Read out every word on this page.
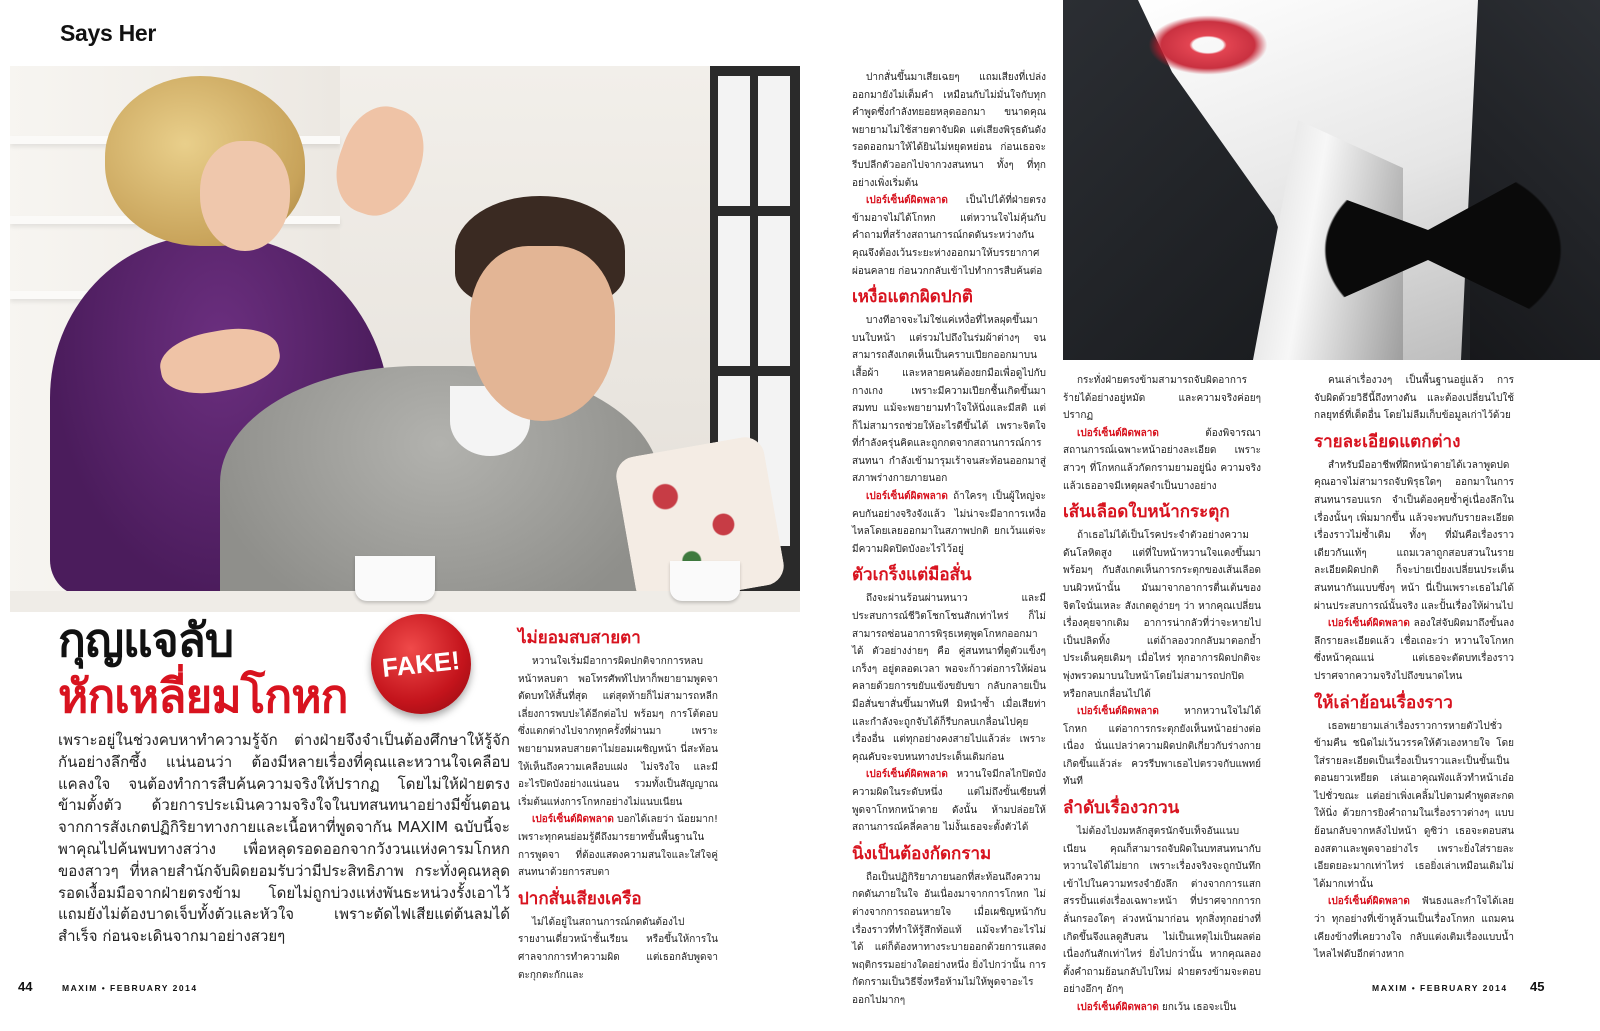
Says Her
กุญแจลับ
หักเหลี่ยมโกหก
FAKE!
เพราะอยู่ในช่วงคบหาทำความรู้จัก ต่างฝ่ายจึงจำเป็นต้องศึกษาให้รู้จักกันอย่างลึกซึ้ง แน่นอนว่า ต้องมีหลายเรื่องที่คุณและหวานใจเคลือบแคลงใจ จนต้องทำการสืบค้นความจริงให้ปรากฏ โดยไม่ให้ฝ่ายตรงข้ามตั้งตัว ด้วยการประเมินความจริงใจในบทสนทนาอย่างมีขั้นตอน จากการสังเกตปฏิกิริยาทางกายและเนื้อหาที่พูดจากัน MAXIM ฉบับนี้จะพาคุณไปค้นพบทางสว่าง เพื่อหลุดรอดออกจากวังวนแห่งคารมโกหกของสาวๆ ที่หลายสำนักจับผิดยอมรับว่ามีประสิทธิภาพ กระทั่งคุณหลุดรอดเงื้อมมือจากฝ่ายตรงข้าม โดยไม่ถูกบ่วงแห่งพันธะหน่วงรั้งเอาไว้ แถมยังไม่ต้องบาดเจ็บทั้งตัวและหัวใจ เพราะตัดไฟเสียแต่ต้นลมได้สำเร็จ ก่อนจะเดินจากมาอย่างสวยๆ
ไม่ยอมสบสายตา

หวานใจเริ่มมีอาการผิดปกติจากการหลบหน้าหลบตา พอโทรศัพท์ไปหาก็พยายามพูดจาตัดบทให้สั้นที่สุด แต่สุดท้ายก็ไม่สามารถหลีกเลี่ยงการพบปะได้อีกต่อไป พร้อมๆ การโต้ตอบซึ่งแตกต่างไปจากทุกครั้งที่ผ่านมา เพราะพยายามหลบสายตาไม่ยอมเผชิญหน้า นี่สะท้อนให้เห็นถึงความเคลือบแฝง ไม่จริงใจ และมีอะไรปิดบังอย่างแน่นอน รวมทั้งเป็นสัญญาณเริ่มต้นแห่งการโกหกอย่างไม่แนบเนียน

เปอร์เซ็นต์ผิดพลาด บอกได้เลยว่า น้อยมาก! เพราะทุกคนย่อมรู้ดีถึงมารยาทขั้นพื้นฐานในการพูดจา ที่ต้องแสดงความสนใจและใส่ใจคู่สนทนาด้วยการสบตา

ปากสั่นเสียงเครือ

ไม่ได้อยู่ในสถานการณ์กดดันต้องไปรายงานเดี่ยวหน้าชั้นเรียน หรือขึ้นให้การในศาลจากการทำความผิด แต่เธอกลับพูดจาตะกุกตะกักและ

ปากสั่นขึ้นมาเสียเฉยๆ แถมเสียงที่เปล่งออกมายังไม่เต็มคำ เหมือนกับไม่มั่นใจกับทุกคำพูดซึ่งกำลังทยอยหลุดออกมา ขนาดคุณพยายามไม่ใช้สายตาจับผิด แต่เสียงพิรุธดันดังรอดออกมาให้ได้ยินไม่หยุดหย่อน ก่อนเธอจะรีบปลีกตัวออกไปจากวงสนทนา ทั้งๆ ที่ทุกอย่างเพิ่งเริ่มต้น

เปอร์เซ็นต์ผิดพลาด เป็นไปได้ที่ฝ่ายตรงข้ามอาจไม่ได้โกหก แต่หวานใจไม่คุ้นกับคำถามที่สร้างสถานการณ์กดดันระหว่างกัน คุณจึงต้องเว้นระยะห่างออกมาให้บรรยากาศผ่อนคลาย ก่อนวกกลับเข้าไปทำการสืบค้นต่อ

เหงื่อแตกผิดปกติ

บางทีอาจจะไม่ใช่แค่เหงื่อที่ไหลผุดขึ้นมาบนใบหน้า แต่รวมไปถึงในร่มผ้าต่างๆ จนสามารถสังเกตเห็นเป็นคราบเปียกออกมาบนเสื้อผ้า และหลายคนต้องยกมือเพื่อดูไปกับกางเกง เพราะมีความเปียกชื้นเกิดขึ้นมาสมทบ แม้จะพยายามทำใจให้นิ่งและมีสติ แต่ก็ไม่สามารถช่วยให้อะไรดีขึ้นได้ เพราะจิตใจที่กำลังครุ่นคิดและถูกกดจากสถานการณ์การสนทนา กำลังเข้ามารุมเร้าจนสะท้อนออกมาสู่สภาพร่างกายภายนอก

เปอร์เซ็นต์ผิดพลาด ถ้าใครๆ เป็นผู้ใหญ่จะคบกันอย่างจริงจังแล้ว ไม่น่าจะมีอาการเหงื่อไหลโดยเลยออกมาในสภาพปกติ ยกเว้นแต่จะมีความผิดปิดบังอะไรไว้อยู่

ตัวเกร็งแต่มือสั่น

ถึงจะผ่านร้อนผ่านหนาว และมีประสบการณ์ชีวิตโชกโชนสักเท่าไหร่ ก็ไม่สามารถซ่อนอาการพิรุธเหตุพูดโกหกออกมาได้ ตัวอย่างง่ายๆ คือ คู่สนทนาที่ดูตัวแข็งๆ เกร็งๆ อยู่ตลอดเวลา พอจะก้าวต่อการให้ผ่อนคลายด้วยการขยับแข้งขยับขา กลับกลายเป็นมือสั่นขาสั่นขึ้นมาทันที มิหนำซ้ำ เมื่อเสียท่าและกำลังจะถูกจับได้ก็รีบกลบเกลื่อนไปคุยเรื่องอื่น แต่ทุกอย่างคงสายไปแล้วล่ะ เพราะคุณคับจะจบหนทางประเด็นเดิมก่อน

เปอร์เซ็นต์ผิดพลาด หวานใจมีกลไกปิดบังความผิดในระดับหนึ่ง แต่ไม่ถึงขั้นเซียนที่พูดจาโกหกหน้าตาย ดังนั้น ห้ามปล่อยให้สถานการณ์คลี่คลาย ไม่งั้นเธอจะตั้งตัวได้

นิ่งเป็นต้องกัดกราม

ถือเป็นปฏิกิริยาภายนอกที่สะท้อนถึงความกดดันภายในใจ อันเนื่องมาจากการโกหก ไม่ต่างจากการถอนหายใจ เมื่อเผชิญหน้ากับเรื่องราวที่ทำให้รู้สึกท้อแท้ แม้จะทำอะไรไม่ได้ แต่ก็ต้องหาทางระบายออกด้วยการแสดงพฤติกรรมอย่างใดอย่างหนึ่ง ยิ่งไปกว่านั้น การกัดกรามเป็นวิธีจึ่งหรือห้ามไม่ให้พูดจาอะไรออกไปมากๆ

กระทั่งฝ่ายตรงข้ามสามารถจับผิดอาการร้ายได้อย่างอยู่หมัด และความจริงค่อยๆ ปรากฏ

เปอร์เซ็นต์ผิดพลาด ต้องพิจารณาสถานการณ์เฉพาะหน้าอย่างละเอียด เพราะสาวๆ ที่โกหกแล้วกัดกรามยามอยู่นิ่ง ความจริงแล้วเธออาจมีเหตุผลจำเป็นบางอย่าง

เส้นเลือดใบหน้ากระตุก

ถ้าเธอไม่ได้เป็นโรคประจำตัวอย่างความดันโลหิตสูง แต่ที่ใบหน้าหวานใจแดงขึ้นมา พร้อมๆ กับสังเกตเห็นการกระตุกของเส้นเลือดบนผิวหน้านั้น มันมาจากอาการตื่นเต้นของจิตใจนั่นเหละ สังเกตดูง่ายๆ ว่า หากคุณเปลี่ยนเรื่องคุยจากเดิม อาการน่ากลัวที่ว่าจะหายไปเป็นปลิดทิ้ง แต่ถ้าลองวกกลับมาตอกย้ำประเด็นคุยเดิมๆ เมื่อไหร่ ทุกอาการผิดปกติจะพุ่งพรวดมาบนใบหน้าโดยไม่สามารถปกปิดหรือกลบเกลื่อนไปได้

เปอร์เซ็นต์ผิดพลาด หากหวานใจไม่ได้โกหก แต่อาการกระตุกยังเห็นหน้าอย่างต่อเนื่อง นั่นแปลว่าความผิดปกติเกี่ยวกับร่างกายเกิดขึ้นแล้วล่ะ ควรรีบพาเธอไปตรวจกับแพทย์ทันที

ลำดับเรื่องวกวน

ไม่ต้องไปงมหลักสูตรนักจับเท็จอันแนบเนียน คุณก็สามารถจับผิดในบทสนทนากับหวานใจได้ไม่ยาก เพราะเรื่องจริงจะถูกบันทึกเข้าไปในความทรงจำยังลึก ต่างจากการแสกสรรปั้นแต่งเรื่องเฉพาะหน้า ที่ปราศจากการกลั่นกรองใดๆ ล่วงหน้ามาก่อน ทุกสิ่งทุกอย่างที่เกิดขึ้นจึงแลดูสับสน ไม่เป็นเหตุไม่เป็นผลต่อเนื่องกันสักเท่าไหร่ ยิ่งไปกว่านั้น หากคุณลองตั้งคำถามย้อนกลับไปใหม่ ฝ่ายตรงข้ามจะตอบอย่างอึกๆ อักๆ

เปอร์เซ็นต์ผิดพลาด ยกเว้น เธอจะเป็น

คนเล่าเรื่องวงๆ เป็นพื้นฐานอยู่แล้ว การจับผิดด้วยวิธีนี้ถึงทางตัน และต้องเปลี่ยนไปใช้กลยุทธ์ที่เด็ดอื่น โดยไม่ลืมเก็บข้อมูลเก่าไว้ด้วย

รายละเอียดแตกต่าง

สำหรับมืออาชีพที่ฝึกหน้าตายได้เวลาพูดปด คุณอาจไม่สามารถจับพิรุธใดๆ ออกมาในการสนทนารอบแรก จำเป็นต้องคุยซ้ำคู่เนื่องลึกในเรื่องนั้นๆ เพิ่มมากขึ้น แล้วจะพบกับรายละเอียดเรื่องราวไม่ซ้ำเดิม ทั้งๆ ที่มันคือเรื่องราวเดียวกันแท้ๆ แถมเวลาถูกสอบสวนในรายละเอียดผิดปกติ ก็จะบ่ายเบี่ยงเปลี่ยนประเด็นสนทนากันแบบซึ่งๆ หน้า นี่เป็นเพราะเธอไม่ได้ผ่านประสบการณ์นั้นจริง และปั้นเรื่องให้ผ่านไป

เปอร์เซ็นต์ผิดพลาด ลองใส่จับผิดมาถึงขั้นลงลึกรายละเอียดแล้ว เชื่อเถอะว่า หวานใจโกหกซึ่งหน้าคุณแน่ แต่เธอจะตัดบทเรื่องราวปราศจากความจริงไปถึงขนาดไหน

ให้เล่าย้อนเรื่องราว

เธอพยายามเล่าเรื่องราวการหายตัวไปชั่วข้ามคืน ชนิดไม่เว้นวรรคให้ตัวเองหายใจ โดยใส่รายละเอียดเป็นเรื่องเป็นราวและเป็นขั้นเป็นตอนยาวเหยียด เล่นเอาคุณพังแล้วทำหน้าเอ๋อไปชั่วขณะ แต่อย่าเพิ่งเคลิ้มไปตามคำพูดสะกดให้นิ่ง ด้วยการยิงคำถามในเรื่องราวต่างๆ แบบย้อนกลับจากหลังไปหน้า ดูซิว่า เธอจะตอบสนองสตาและพูดจาอย่างไร เพราะยิ่งใส่รายละเอียดยอะมากเท่าไหร่ เธอยิ่งเล่าเหมือนเดิมไม่ได้มากเท่านั้น

เปอร์เซ็นต์ผิดพลาด ฟันธงและกำใจได้เลยว่า ทุกอย่างที่เข้าหูล้วนเป็นเรื่องโกหก แถมคนเคียงข้างที่เคยวางใจ กลับแต่งเติมเรื่องแบบน้ำไหลไฟดับอีกต่างหาก

44	MAXIM • FEBRUARY 2014	MAXIM • FEBRUARY 2014 45
